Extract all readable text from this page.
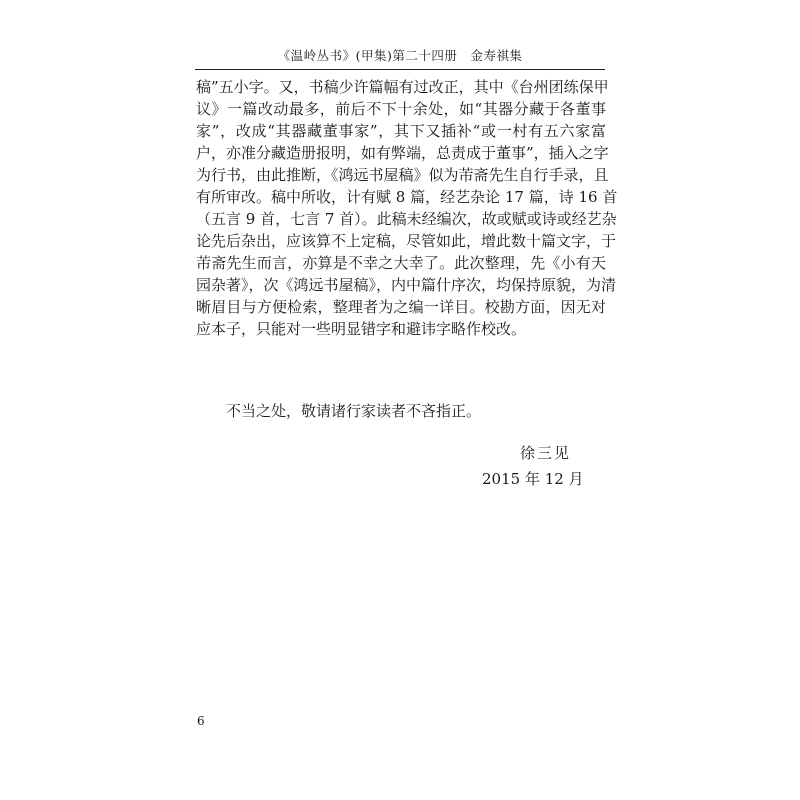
《温岭丛书》(甲集)第二十四册　金寿祺集
稿”五小字。又，书稿少许篇幅有过改正，其中《台州团练保甲
议》一篇改动最多，前后不下十余处，如“其器分藏于各董事
家”，改成“其器藏董事家”，其下又插补“或一村有五六家富
户，亦准分藏造册报明，如有弊端，总责成于董事”，插入之字
为行书，由此推断，《鸿远书屋稿》似为芾斋先生自行手录，且
有所审改。稿中所收，计有赋 8 篇，经艺杂论 17 篇，诗 16 首
（五言 9 首，七言 7 首）。此稿未经编次，故或赋或诗或经艺杂
论先后杂出，应该算不上定稿，尽管如此，增此数十篇文字，于
芾斋先生而言，亦算是不幸之大幸了。此次整理，先《小有天
园杂著》，次《鸿远书屋稿》，内中篇什序次，均保持原貌，为清
晰眉目与方便检索，整理者为之编一详目。校勘方面，因无对
应本子，只能对一些明显错字和避讳字略作校改。
不当之处，敬请诸行家读者不吝指正。
徐三见
2015 年 12 月
6
